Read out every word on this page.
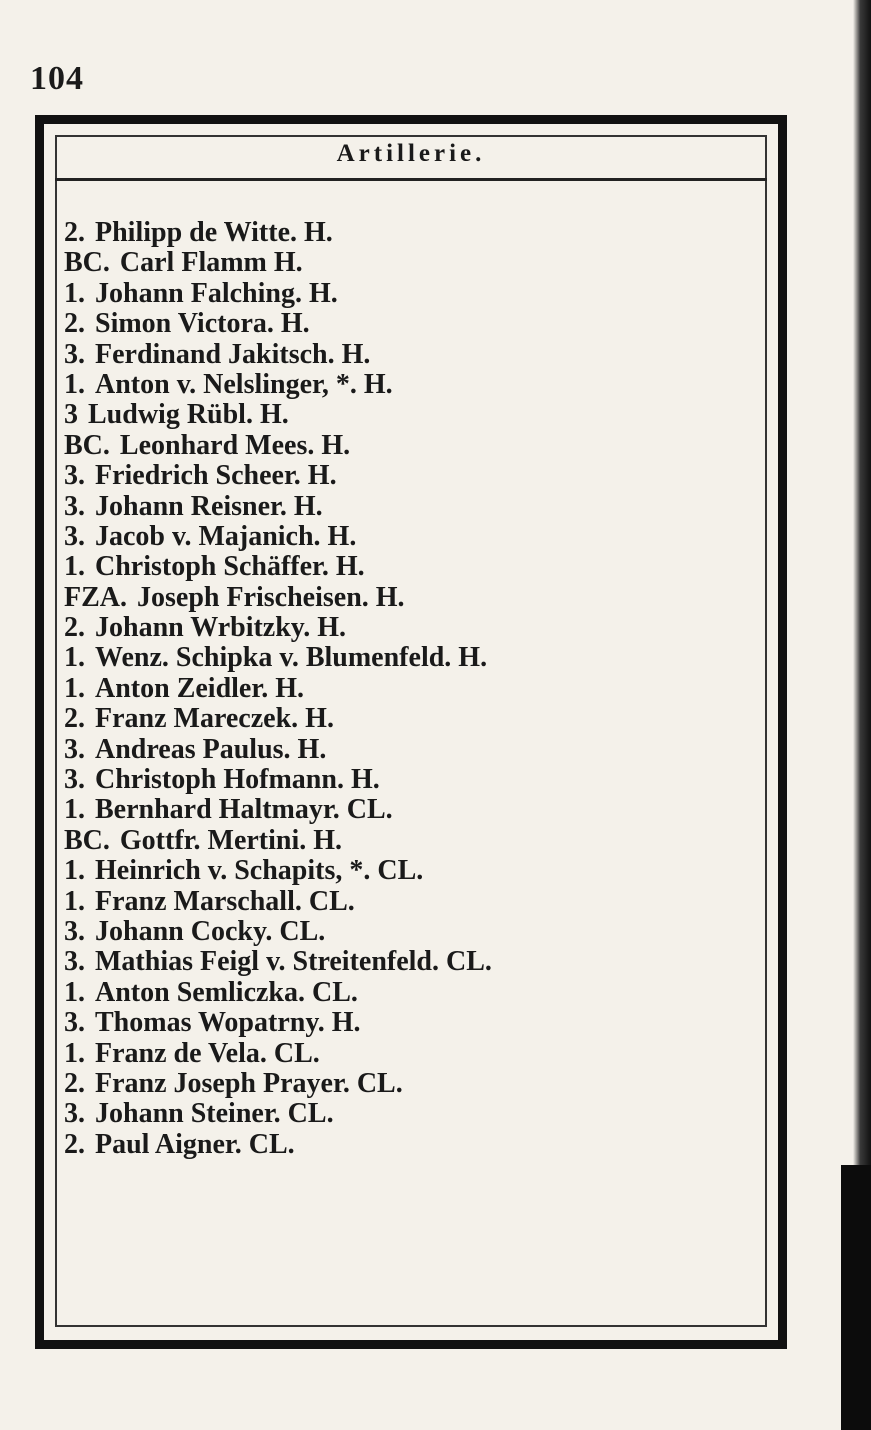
104
Artillerie.
2. Philipp de Witte. H.
BC. Carl Flamm H.
1. Johann Falching. H.
2. Simon Victora. H.
3. Ferdinand Jakitsch. H.
1. Anton v. Nelslinger, *. H.
3 Ludwig Rübl. H.
BC. Leonhard Mees. H.
3. Friedrich Scheer. H.
3. Johann Reisner. H.
3. Jacob v. Majanich. H.
1. Christoph Schäffer. H.
FZA. Joseph Frischeisen. H.
2. Johann Wrbitzky. H.
1. Wenz. Schipka v. Blumenfeld. H.
1. Anton Zeidler. H.
2. Franz Mareczek. H.
3. Andreas Paulus. H.
3. Christoph Hofmann. H.
1. Bernhard Haltmayr. CL.
BC. Gottfr. Mertini. H.
1. Heinrich v. Schapits, *. CL.
1. Franz Marschall. CL.
3. Johann Cocky. CL.
3. Mathias Feigl v. Streitenfeld. CL.
1. Anton Semliczka. CL.
3. Thomas Wopatrny. H.
1. Franz de Vela. CL.
2. Franz Joseph Prayer. CL.
3. Johann Steiner. CL.
2. Paul Aigner. CL.
